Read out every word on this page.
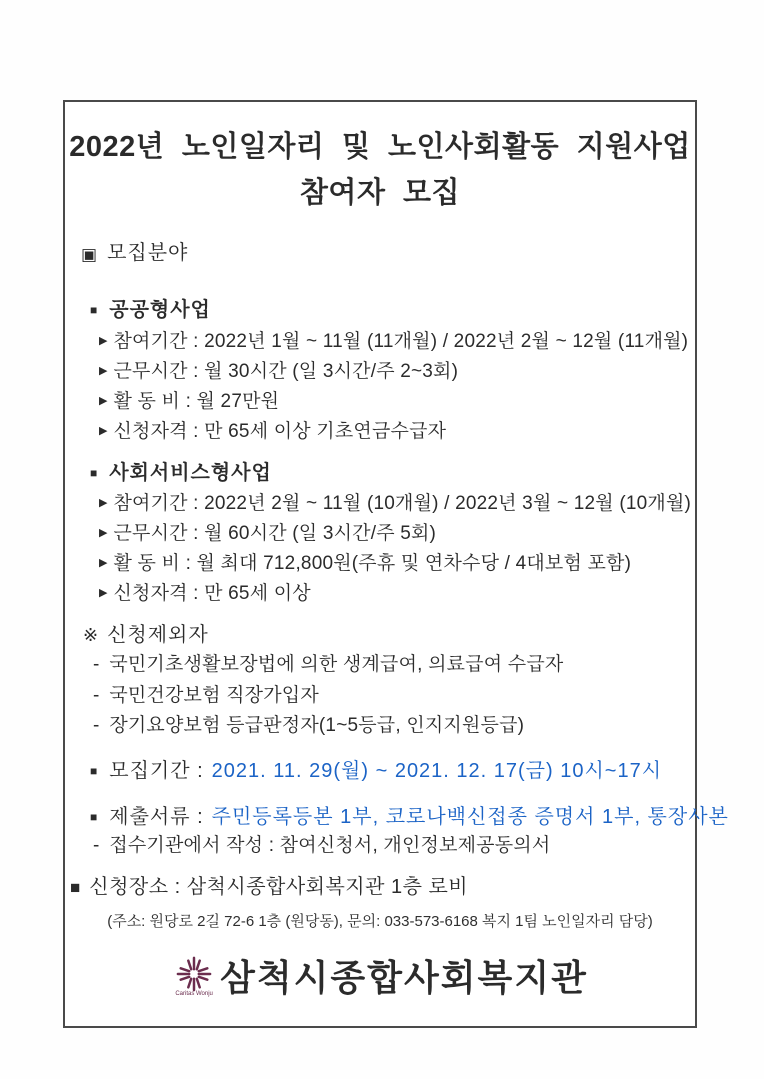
2022년 노인일자리 및 노인사회활동 지원사업
참여자 모집
▣ 모집분야
■ 공공형사업
▶ 참여기간 : 2022년 1월 ~ 11월 (11개월) / 2022년 2월 ~ 12월 (11개월)
▶ 근무시간 : 월 30시간 (일 3시간/주 2~3회)
▶ 활 동 비 : 월 27만원
▶ 신청자격 : 만 65세 이상 기초연금수급자
■ 사회서비스형사업
▶ 참여기간 : 2022년 2월 ~ 11월 (10개월) / 2022년 3월 ~ 12월 (10개월)
▶ 근무시간 : 월 60시간 (일 3시간/주 5회)
▶ 활 동 비 : 월 최대 712,800원(주휴 및 연차수당 / 4대보험 포함)
▶ 신청자격 : 만 65세 이상
※ 신청제외자
- 국민기초생활보장법에 의한 생계급여, 의료급여 수급자
- 국민건강보험 직장가입자
- 장기요양보험 등급판정자(1~5등급, 인지지원등급)
■ 모집기간 : 2021. 11. 29(월) ~ 2021. 12. 17(금) 10시~17시
■ 제출서류 : 주민등록등본 1부, 코로나백신접종 증명서 1부, 통장사본
- 접수기관에서 작성 : 참여신청서, 개인정보제공동의서
■ 신청장소 : 삼척시종합사회복지관 1층 로비
(주소: 원당로 2길 72-6 1층 (원당동), 문의: 033-573-6168 복지 1팀 노인일자리 담당)
Caritas Wonju 삼척시종합사회복지관
